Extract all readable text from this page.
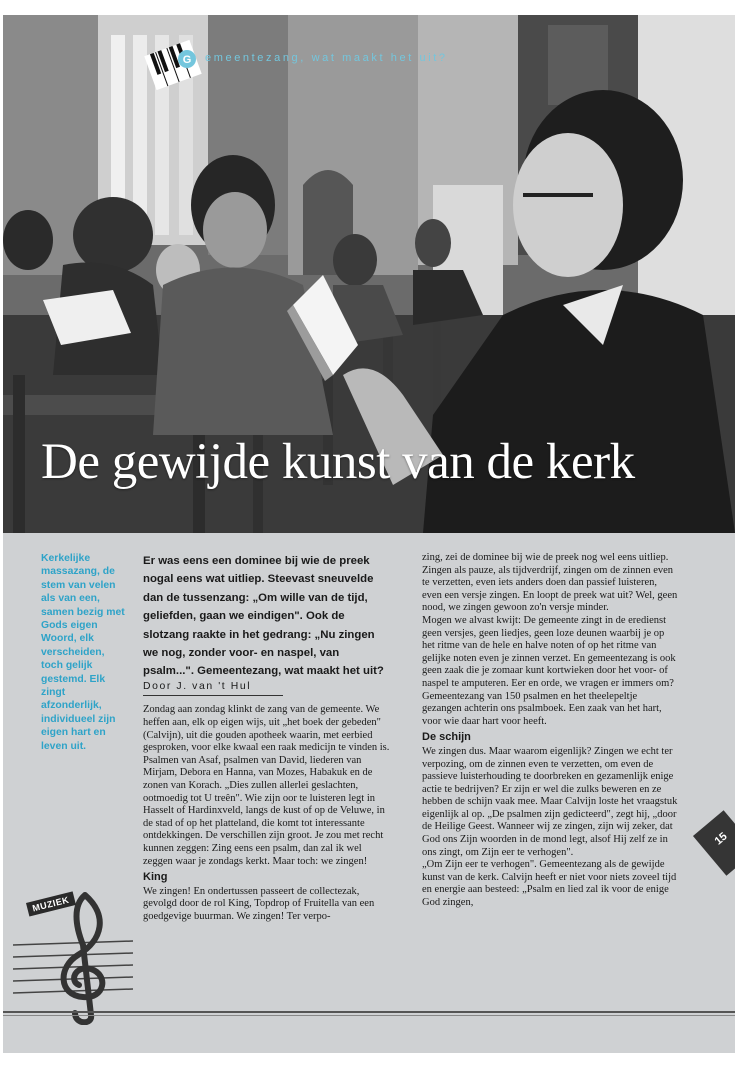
G emeentezang, wat maakt het uit?
De gewijde kunst van de kerk
Kerkelijke massazang, de stem van velen als van een, samen bezig met Gods eigen Woord, elk verscheiden, toch gelijk gestemd. Elk zingt afzonderlijk, individueel zijn eigen hart en leven uit.

Er was eens een dominee bij wie de preek nogal eens wat uitliep. Steevast sneuvelde dan de tussenzang: „Om wille van de tijd, geliefden, gaan we eindigen". Ook de slotzang raakte in het gedrang: „Nu zingen we nog, zonder voor- en naspel, van psalm...". Gemeentezang, wat maakt het uit?

Door J. van 't Hul

Zondag aan zondag klinkt de zang van de gemeente. We heffen aan, elk op eigen wijs, uit „het boek der gebeden" (Calvijn), uit die gouden apotheek waarin, met eerbied gesproken, voor elke kwaal een raak medicijn te vinden is. Psalmen van Asaf, psalmen van David, liederen van Mirjam, Debora en Hanna, van Mozes, Habakuk en de zonen van Korach. „Dies zullen allerlei geslachten, ootmoedig tot U treên". Wie zijn oor te luisteren legt in Hasselt of Hardinxveld, langs de kust of op de Veluwe, in de stad of op het platteland, die komt tot interessante ontdekkingen. De verschillen zijn groot. Je zou met recht kunnen zeggen: Zing eens een psalm, dan zal ik wel zeggen waar je zondags kerkt. Maar toch: we zingen!

King

We zingen! En ondertussen passeert de collectezak, gevolgd door de rol King, Topdrop of Fruitella van een goedgevige buurman. We zingen! Ter verpo-

zing, zei de dominee bij wie de preek nog wel eens uitliep. Zingen als pauze, als tijdverdrijf, zingen om de zinnen even te verzetten, even iets anders doen dan passief luisteren, even een versje zingen. En loopt de preek wat uit? Wel, geen nood, we zingen gewoon zo'n versje minder.

Mogen we alvast kwijt: De gemeente zingt in de eredienst geen versjes, geen liedjes, geen loze deunen waarbij je op het ritme van de hele en halve noten of op het ritme van gelijke noten even je zinnen verzet. En gemeentezang is ook geen zaak die je zomaar kunt kortwieken door het voor- of naspel te amputeren. Eer en orde, we vragen er immers om?

Gemeentezang van 150 psalmen en het theelepeltje gezangen achterin ons psalmboek. Een zaak van het hart, voor wie daar hart voor heeft.

De schijn

We zingen dus. Maar waarom eigenlijk? Zingen we echt ter verpozing, om de zinnen even te verzetten, om even de passieve luisterhouding te doorbreken en gezamenlijk enige actie te bedrijven? Er zijn er wel die zulks beweren en ze hebben de schijn vaak mee. Maar Calvijn loste het vraagstuk eigenlijk al op. „De psalmen zijn gedicteerd", zegt hij, „door de Heilige Geest. Wanneer wij ze zingen, zijn wij zeker, dat God ons Zijn woorden in de mond legt, alsof Hij zelf ze in ons zingt, om Zijn eer te verhogen".

„Om Zijn eer te verhogen". Gemeentezang als de gewijde kunst van de kerk. Calvijn heeft er niet voor niets zoveel tijd en energie aan besteed: „Psalm en lied zal ik voor de enige God zingen,

MUZIEK
15
